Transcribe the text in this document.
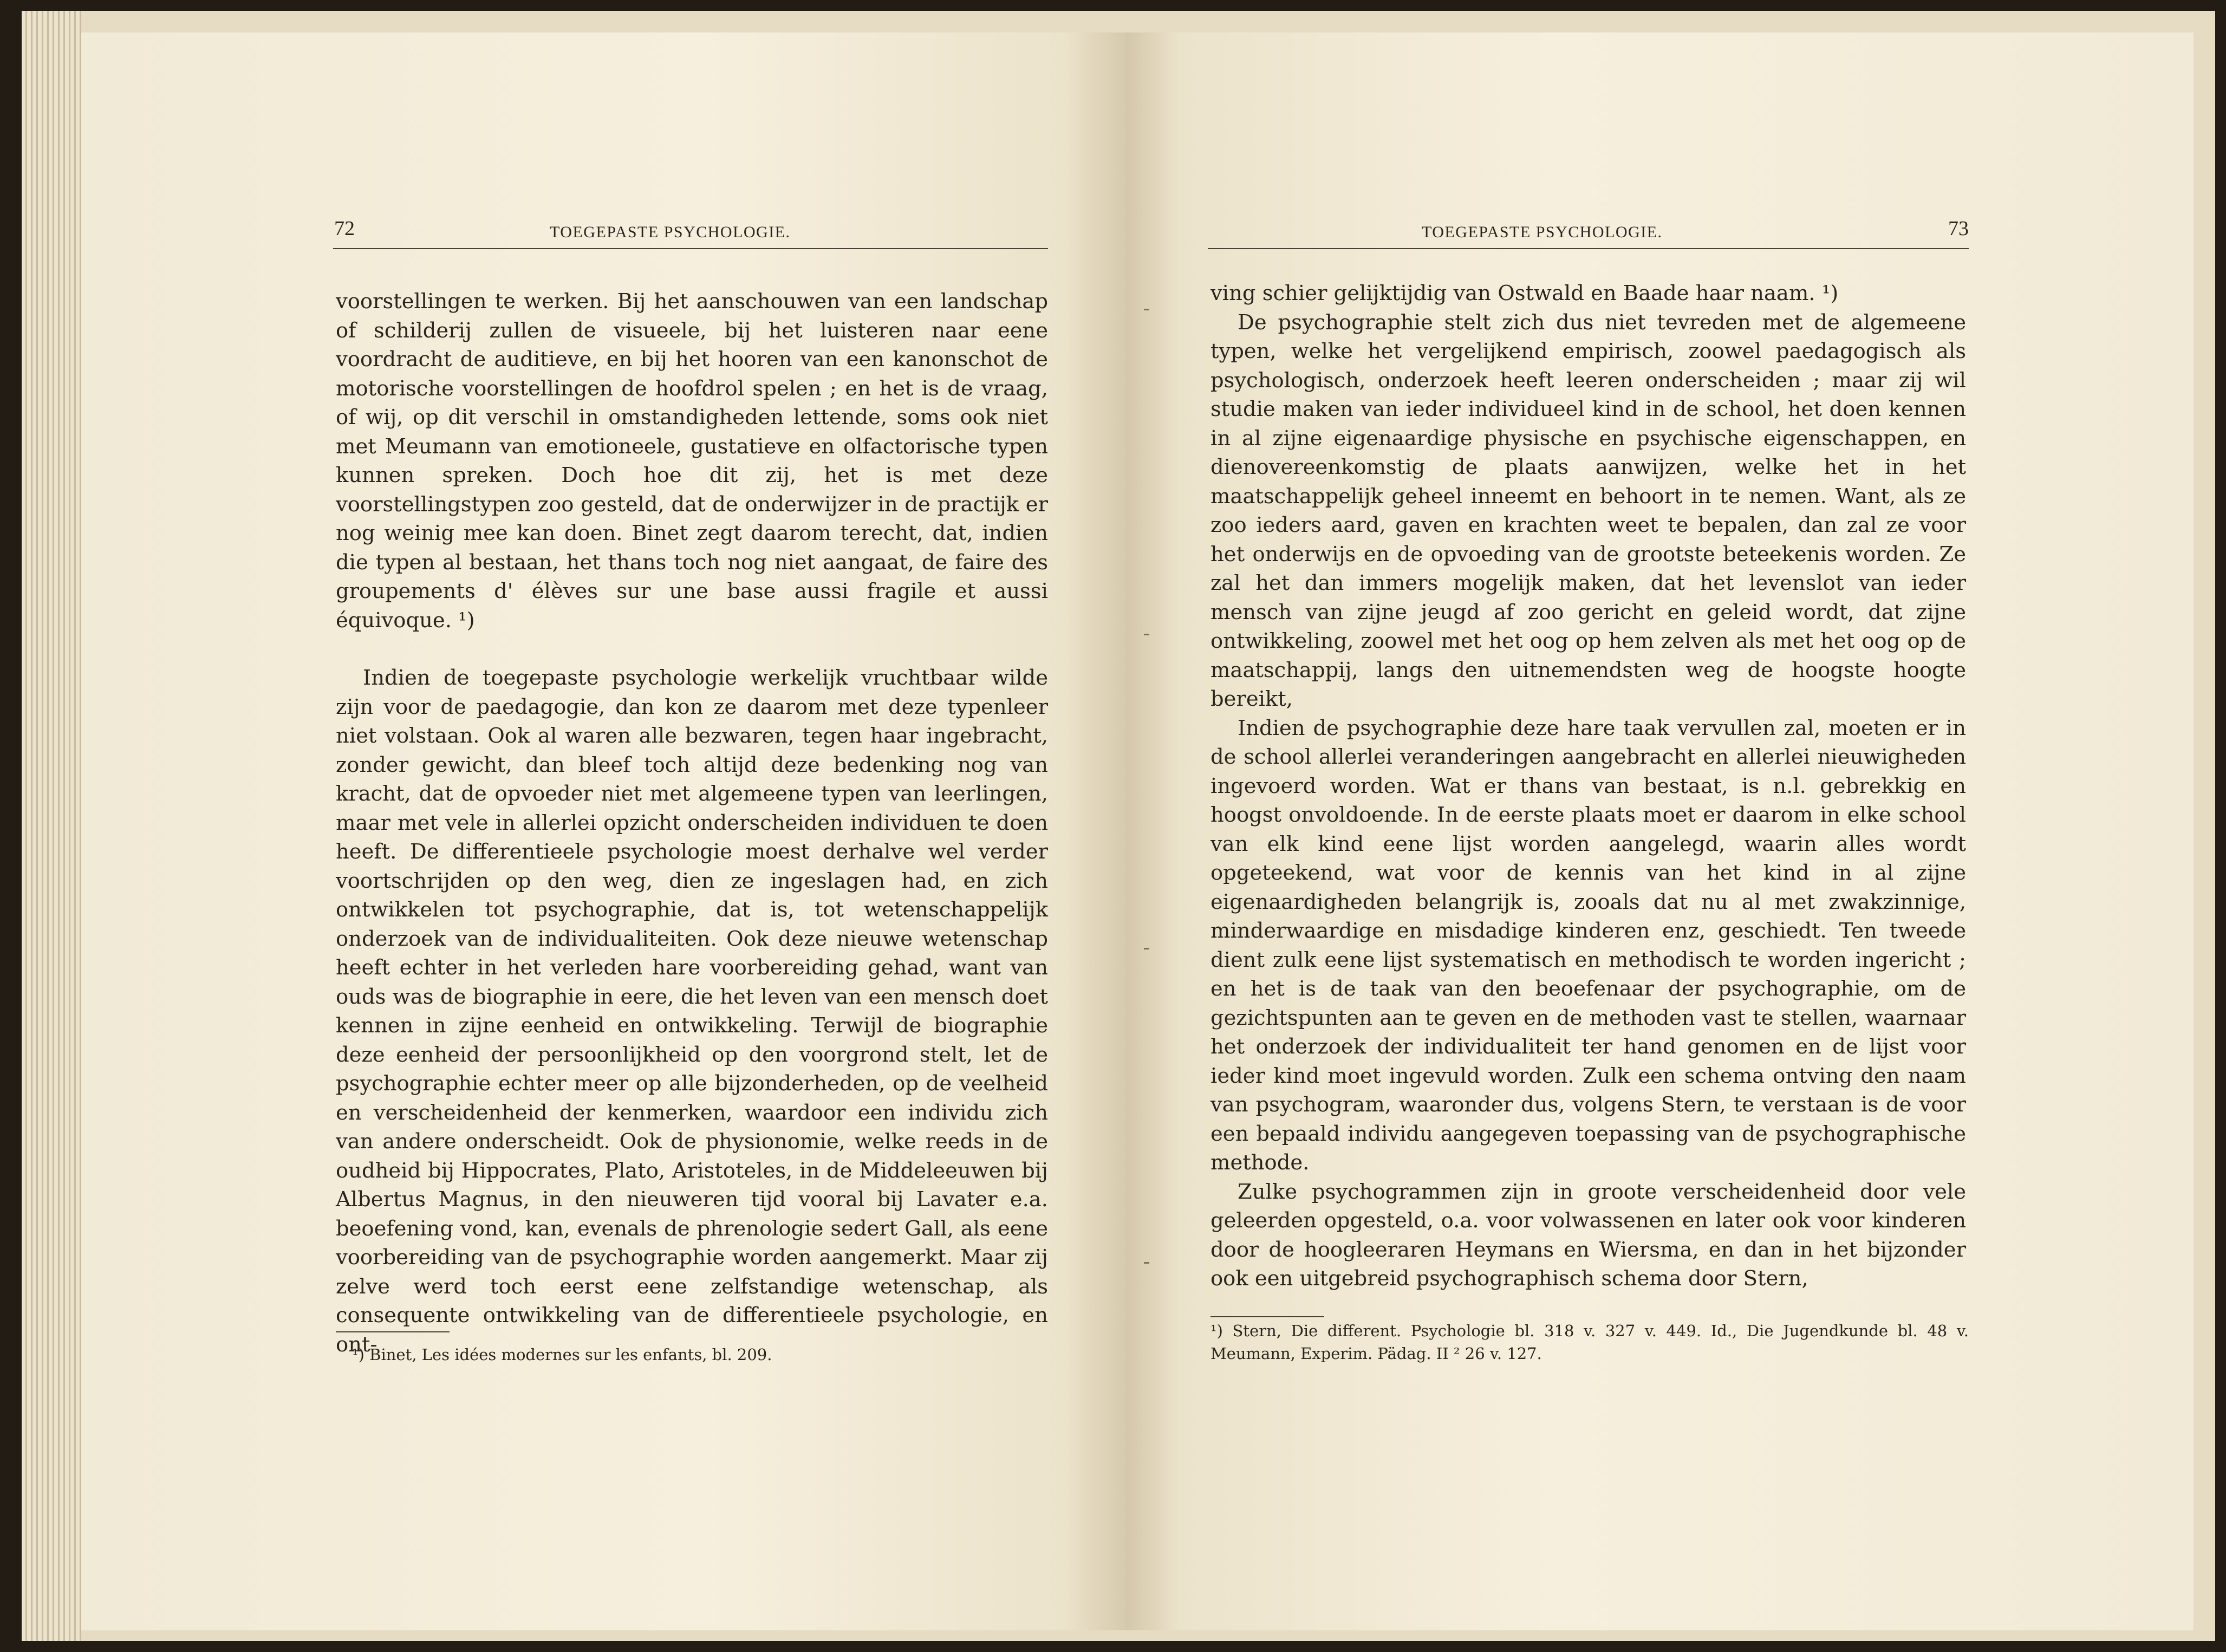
72	TOEGEPASTE PSYCHOLOGIE.

voorstellingen te werken. Bij het aanschouwen van een landschap of schilderij zullen de visueele, bij het luisteren naar eene voordracht de auditieve, en bij het hooren van een kanonschot de motorische voorstellingen de hoofdrol spelen ; en het is de vraag, of wij, op dit verschil in omstandigheden lettende, soms ook niet met Meumann van emotioneele, gustatieve en olfactorische typen kunnen spreken. Doch hoe dit zij, het is met deze voorstellingstypen zoo gesteld, dat de onderwijzer in de practijk er nog weinig mee kan doen. Binet zegt daarom terecht, dat, indien die typen al bestaan, het thans toch nog niet aangaat, de faire des groupements d' élèves sur une base aussi fragile et aussi équivoque. ¹)

Indien de toegepaste psychologie werkelijk vruchtbaar wilde zijn voor de paedagogie, dan kon ze daarom met deze typenleer niet volstaan. Ook al waren alle bezwaren, tegen haar ingebracht, zonder gewicht, dan bleef toch altijd deze bedenking nog van kracht, dat de opvoeder niet met algemeene typen van leerlingen, maar met vele in allerlei opzicht onderscheiden individuen te doen heeft. De differentieele psychologie moest derhalve wel verder voortschrijden op den weg, dien ze ingeslagen had, en zich ontwikkelen tot psychographie, dat is, tot wetenschappelijk onderzoek van de individualiteiten. Ook deze nieuwe wetenschap heeft echter in het verleden hare voorbereiding gehad, want van ouds was de biographie in eere, die het leven van een mensch doet kennen in zijne eenheid en ontwikkeling. Terwijl de biographie deze eenheid der persoonlijkheid op den voorgrond stelt, let de psychographie echter meer op alle bijzonderheden, op de veelheid en verscheidenheid der kenmerken, waardoor een individu zich van andere onderscheidt. Ook de physionomie, welke reeds in de oudheid bij Hippocrates, Plato, Aristoteles, in de Middeleeuwen bij Albertus Magnus, in den nieuweren tijd vooral bij Lavater e.a. beoefening vond, kan, evenals de phrenologie sedert Gall, als eene voorbereiding van de psychographie worden aangemerkt. Maar zij zelve werd toch eerst eene zelfstandige wetenschap, als consequente ontwikkeling van de differentieele psychologie, en ont-

¹) Binet, Les idées modernes sur les enfants, bl. 209.

TOEGEPASTE PSYCHOLOGIE.	73

ving schier gelijktijdig van Ostwald en Baade haar naam. ¹)

De psychographie stelt zich dus niet tevreden met de algemeene typen, welke het vergelijkend empirisch, zoowel paedagogisch als psychologisch, onderzoek heeft leeren onderscheiden ; maar zij wil studie maken van ieder individueel kind in de school, het doen kennen in al zijne eigenaardige physische en psychische eigenschappen, en dienovereenkomstig de plaats aanwijzen, welke het in het maatschappelijk geheel inneemt en behoort in te nemen. Want, als ze zoo ieders aard, gaven en krachten weet te bepalen, dan zal ze voor het onderwijs en de opvoeding van de grootste beteekenis worden. Ze zal het dan immers mogelijk maken, dat het levenslot van ieder mensch van zijne jeugd af zoo gericht en geleid wordt, dat zijne ontwikkeling, zoowel met het oog op hem zelven als met het oog op de maatschappij, langs den uitnemendsten weg de hoogste hoogte bereikt,

Indien de psychographie deze hare taak vervullen zal, moeten er in de school allerlei veranderingen aangebracht en allerlei nieuwigheden ingevoerd worden. Wat er thans van bestaat, is n.l. gebrekkig en hoogst onvoldoende. In de eerste plaats moet er daarom in elke school van elk kind eene lijst worden aangelegd, waarin alles wordt opgeteekend, wat voor de kennis van het kind in al zijne eigenaardigheden belangrijk is, zooals dat nu al met zwakzinnige, minderwaardige en misdadige kinderen enz, geschiedt. Ten tweede dient zulk eene lijst systematisch en methodisch te worden ingericht ; en het is de taak van den beoefenaar der psychographie, om de gezichtspunten aan te geven en de methoden vast te stellen, waarnaar het onderzoek der individualiteit ter hand genomen en de lijst voor ieder kind moet ingevuld worden. Zulk een schema ontving den naam van psychogram, waaronder dus, volgens Stern, te verstaan is de voor een bepaald individu aangegeven toepassing van de psychographische methode.

Zulke psychogrammen zijn in groote verscheidenheid door vele geleerden opgesteld, o.a. voor volwassenen en later ook voor kinderen door de hoogleeraren Heymans en Wiersma, en dan in het bijzonder ook een uitgebreid psychographisch schema door Stern,

¹) Stern, Die different. Psychologie bl. 318 v. 327 v. 449. Id., Die Jugendkunde bl. 48 v. Meumann, Experim. Pädag. II ² 26 v. 127.
